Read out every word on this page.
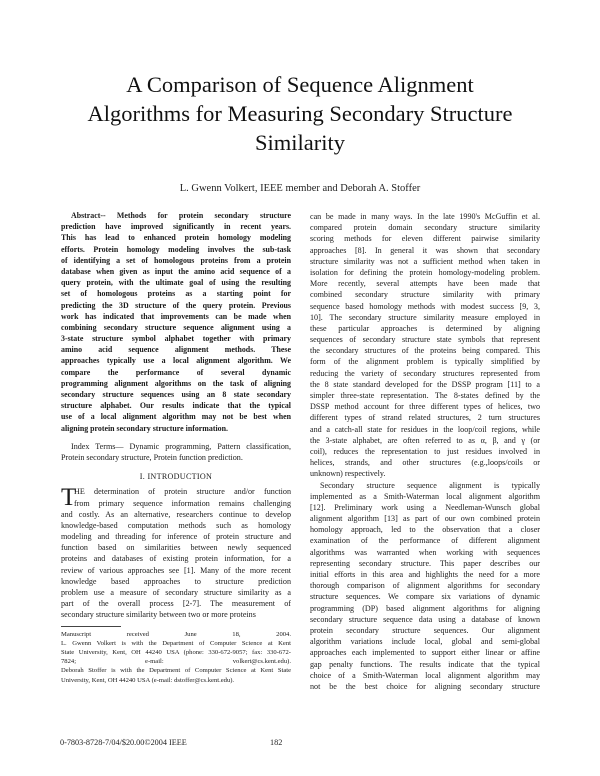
A Comparison of Sequence Alignment
Algorithms for Measuring Secondary Structure
Similarity
L. Gwenn Volkert, IEEE member and Deborah A. Stoffer
Abstract-- Methods for protein secondary structure
prediction have improved significantly in recent years.
This has lead to enhanced protein homology modeling
efforts. Protein homology modeling involves the sub-task
of identifying a set of homologous proteins from a protein
database when given as input the amino acid sequence of a
query protein, with the ultimate goal of using the resulting
set of homologous proteins as a starting point for
predicting the 3D structure of the query protein. Previous
work has indicated that improvements can be made when
combining secondary structure sequence alignment using a
3-state structure symbol alphabet together with primary
amino acid sequence alignment methods. These
approaches typically use a local alignment algorithm. We
compare the performance of several dynamic
programming alignment algorithms on the task of aligning
secondary structure sequences using an 8 state secondary
structure alphabet. Our results indicate that the typical
use of a local alignment algorithm may not be best when
aligning protein secondary structure information.
Index Terms— Dynamic programming, Pattern classification,
Protein secondary structure, Protein function prediction.
I. INTRODUCTION
T
HE determination of protein structure and/or function
from primary sequence information remains challenging
and costly. As an alternative, researchers continue to develop
knowledge-based computation methods such as homology
modeling and threading for inference of protein structure and
function based on similarities between newly sequenced
proteins and databases of existing protein information, for a
review of various approaches see [1]. Many of the more recent
knowledge based approaches to structure prediction
problem use a measure of secondary structure similarity as a
part of the overall process [2-7]. The measurement of
secondary structure similarity between two or more proteins
Manuscript received June 18, 2004.
L. Gwenn Volkert is with the Department of Computer Science at Kent
State University, Kent, OH 44240 USA (phone: 330-672-9057; fax: 330-672-
7824; e-mail: volkert@cs.kent.edu).
Deborah Stoffer is with the Department of Computer Science at Kent State
University, Kent, OH 44240 USA (e-mail: dstoffer@cs.kent.edu).
can be made in many ways. In the late 1990's McGuffin et al.
compared protein domain secondary structure similarity
scoring methods for eleven different pairwise similarity
approaches [8]. In general it was shown that secondary
structure similarity was not a sufficient method when taken in
isolation for defining the protein homology-modeling problem.
More recently, several attempts have been made that
combined secondary structure similarity with primary
sequence based homology methods with modest success [9, 3,
10]. The secondary structure similarity measure employed in
these particular approaches is determined by aligning
sequences of secondary structure state symbols that represent
the secondary structures of the proteins being compared. This
form of the alignment problem is typically simplified by
reducing the variety of secondary structures represented from
the 8 state standard developed for the DSSP program [11] to a
simpler three-state representation. The 8-states defined by the
DSSP method account for three different types of helices, two
different types of strand related structures, 2 turn structures
and a catch-all state for residues in the loop/coil regions, while
the 3-state alphabet, are often referred to as α, β, and γ (or
coil), reduces the representation to just residues involved in
helices, strands, and other structures (e.g.,loops/coils or
unknown) respectively.
Secondary structure sequence alignment is typically
implemented as a Smith-Waterman local alignment algorithm
[12]. Preliminary work using a Needleman-Wunsch global
alignment algorithm [13] as part of our own combined protein
homology approach, led to the observation that a closer
examination of the performance of different alignment
algorithms was warranted when working with sequences
representing secondary structure. This paper describes our
initial efforts in this area and highlights the need for a more
thorough comparison of alignment algorithms for secondary
structure sequences. We compare six variations of dynamic
programming (DP) based alignment algorithms for aligning
secondary structure sequence data using a database of known
protein secondary structure sequences. Our alignment
algorithm variations include local, global and semi-global
approaches each implemented to support either linear or affine
gap penalty functions. The results indicate that the typical
choice of a Smith-Waterman local alignment algorithm may
not be the best choice for aligning secondary structure
0-7803-8728-7/04/$20.00©2004 IEEE	182
